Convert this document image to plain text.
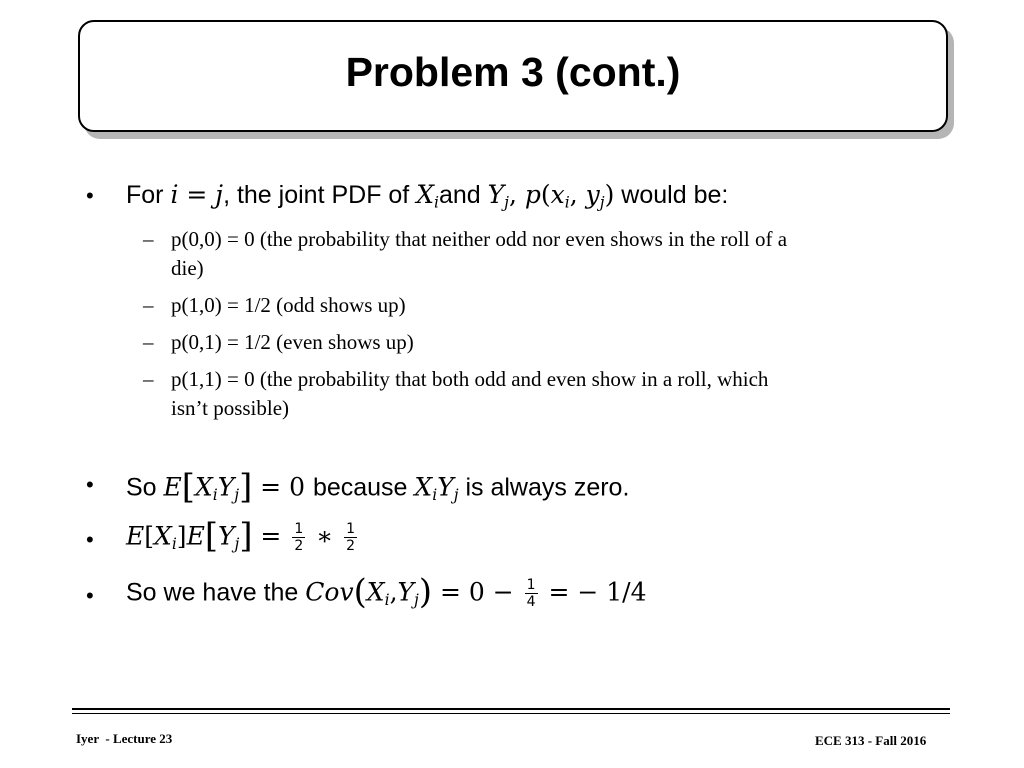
Problem 3 (cont.)
• For i = j, the joint PDF of $X_iand$ $Y_j$, $p(x_i$, $y_j$) would be:
– p(0,0) = 0 (the probability that neither odd nor even shows in the roll of a
die)
– p(1,0) = 1/2 (odd shows up)
– p(0,1) = 1/2 (even shows up)
– p(1,1) = 0 (the probability that both odd and even show in a roll, which
isn’t possible)
• So $E[X_iY_j] = 0$ because $X_iY_j$ is always zero.
• $E[X_i]E[Y_j] = \frac{1}{2}$ ∗ $\frac{1}{2}$
• So we have the $Cov(X_i,Y_j) = 0 - \frac{1}{4}$ = − 1/4
Iyer  - Lecture 23	ECE 313 - Fall 2016
